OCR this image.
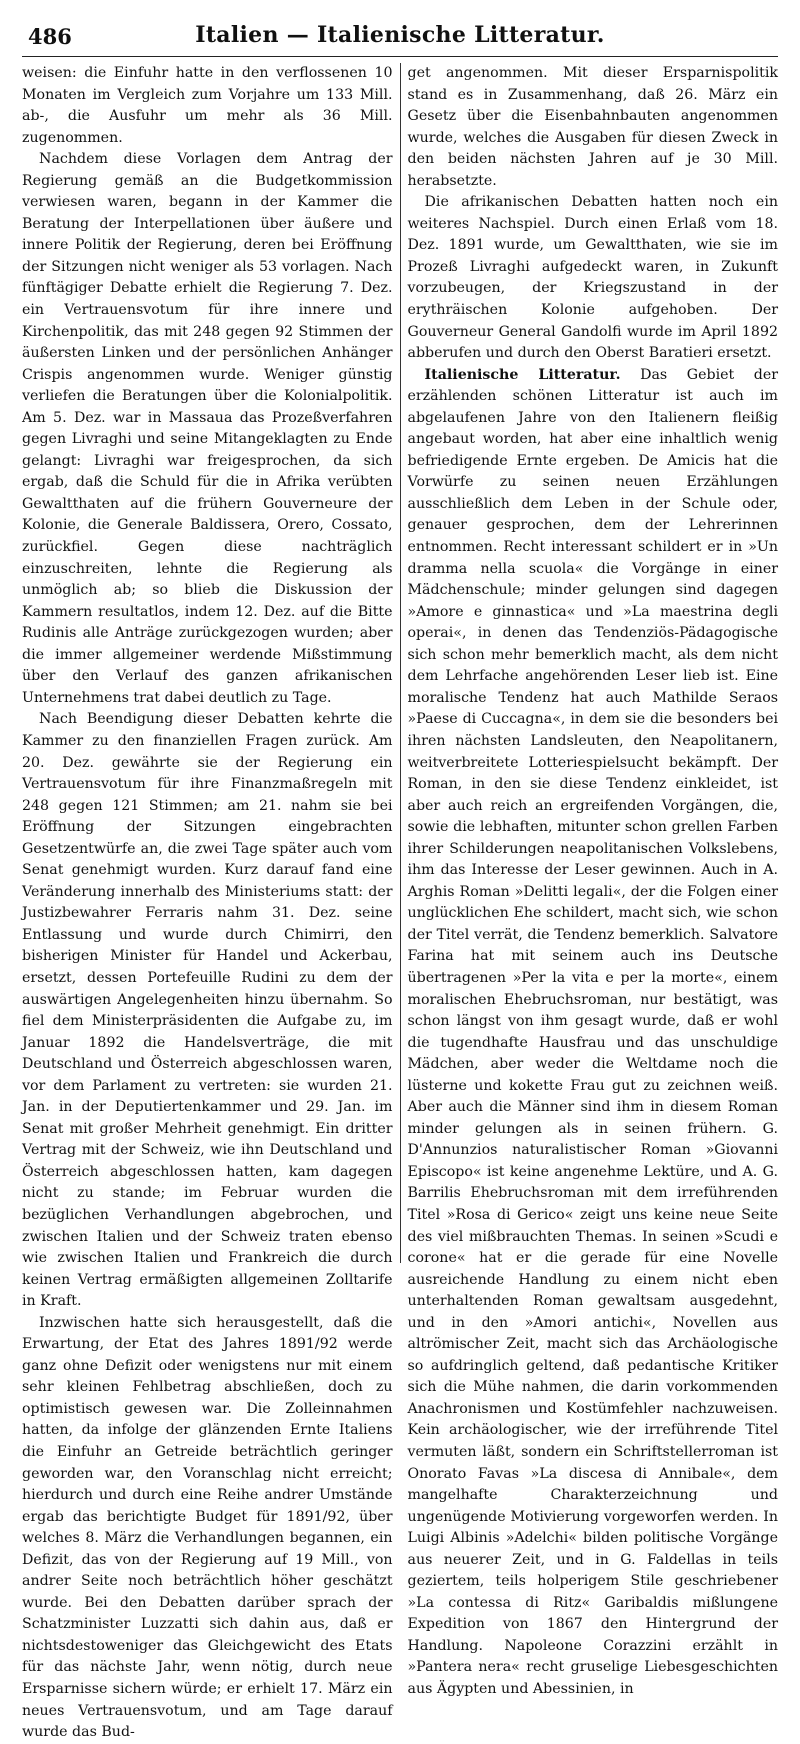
486	Italien — Italienische Litteratur.

weisen: die Einfuhr hatte in den verflossenen 10 Monaten im Vergleich zum Vorjahre um 133 Mill. ab-, die Ausfuhr um mehr als 36 Mill. zugenommen.

Nachdem diese Vorlagen dem Antrag der Regierung gemäß an die Budgetkommission verwiesen waren, begann in der Kammer die Beratung der Interpellationen über äußere und innere Politik der Regierung, deren bei Eröffnung der Sitzungen nicht weniger als 53 vorlagen. Nach fünftägiger Debatte erhielt die Regierung 7. Dez. ein Vertrauensvotum für ihre innere und Kirchenpolitik, das mit 248 gegen 92 Stimmen der äußersten Linken und der persönlichen Anhänger Crispis angenommen wurde. Weniger günstig verliefen die Beratungen über die Kolonialpolitik. Am 5. Dez. war in Massaua das Prozeßverfahren gegen Livraghi und seine Mitangeklagten zu Ende gelangt: Livraghi war freigesprochen, da sich ergab, daß die Schuld für die in Afrika verübten Gewaltthaten auf die frühern Gouverneure der Kolonie, die Generale Baldissera, Orero, Cossato, zurückfiel. Gegen diese nachträglich einzuschreiten, lehnte die Regierung als unmöglich ab; so blieb die Diskussion der Kammern resultatlos, indem 12. Dez. auf die Bitte Rudinis alle Anträge zurückgezogen wurden; aber die immer allgemeiner werdende Mißstimmung über den Verlauf des ganzen afrikanischen Unternehmens trat dabei deutlich zu Tage.

Nach Beendigung dieser Debatten kehrte die Kammer zu den finanziellen Fragen zurück. Am 20. Dez. gewährte sie der Regierung ein Vertrauensvotum für ihre Finanzmaßregeln mit 248 gegen 121 Stimmen; am 21. nahm sie bei Eröffnung der Sitzungen eingebrachten Gesetzentwürfe an, die zwei Tage später auch vom Senat genehmigt wurden. Kurz darauf fand eine Veränderung innerhalb des Ministeriums statt: der Justizbewahrer Ferraris nahm 31. Dez. seine Entlassung und wurde durch Chimirri, den bisherigen Minister für Handel und Ackerbau, ersetzt, dessen Portefeuille Rudini zu dem der auswärtigen Angelegenheiten hinzu übernahm. So fiel dem Ministerpräsidenten die Aufgabe zu, im Januar 1892 die Handelsverträge, die mit Deutschland und Österreich abgeschlossen waren, vor dem Parlament zu vertreten: sie wurden 21. Jan. in der Deputiertenkammer und 29. Jan. im Senat mit großer Mehrheit genehmigt. Ein dritter Vertrag mit der Schweiz, wie ihn Deutschland und Österreich abgeschlossen hatten, kam dagegen nicht zu stande; im Februar wurden die bezüglichen Verhandlungen abgebrochen, und zwischen Italien und der Schweiz traten ebenso wie zwischen Italien und Frankreich die durch keinen Vertrag ermäßigten allgemeinen Zolltarife in Kraft.

Inzwischen hatte sich herausgestellt, daß die Erwartung, der Etat des Jahres 1891/92 werde ganz ohne Defizit oder wenigstens nur mit einem sehr kleinen Fehlbetrag abschließen, doch zu optimistisch gewesen war. Die Zolleinnahmen hatten, da infolge der glänzenden Ernte Italiens die Einfuhr an Getreide beträchtlich geringer geworden war, den Voranschlag nicht erreicht; hierdurch und durch eine Reihe andrer Umstände ergab das berichtigte Budget für 1891/92, über welches 8. März die Verhandlungen begannen, ein Defizit, das von der Regierung auf 19 Mill., von andrer Seite noch beträchtlich höher geschätzt wurde. Bei den Debatten darüber sprach der Schatzminister Luzzatti sich dahin aus, daß er nichtsdestoweniger das Gleichgewicht des Etats für das nächste Jahr, wenn nötig, durch neue Ersparnisse sichern würde; er erhielt 17. März ein neues Vertrauensvotum, und am Tage darauf wurde das Bud-

get angenommen. Mit dieser Ersparnispolitik stand es in Zusammenhang, daß 26. März ein Gesetz über die Eisenbahnbauten angenommen wurde, welches die Ausgaben für diesen Zweck in den beiden nächsten Jahren auf je 30 Mill. herabsetzte.

Die afrikanischen Debatten hatten noch ein weiteres Nachspiel. Durch einen Erlaß vom 18. Dez. 1891 wurde, um Gewaltthaten, wie sie im Prozeß Livraghi aufgedeckt waren, in Zukunft vorzubeugen, der Kriegszustand in der erythräischen Kolonie aufgehoben. Der Gouverneur General Gandolfi wurde im April 1892 abberufen und durch den Oberst Baratieri ersetzt.

Italienische Litteratur. Das Gebiet der erzählenden schönen Litteratur ist auch im abgelaufenen Jahre von den Italienern fleißig angebaut worden, hat aber eine inhaltlich wenig befriedigende Ernte ergeben. De Amicis hat die Vorwürfe zu seinen neuen Erzählungen ausschließlich dem Leben in der Schule oder, genauer gesprochen, dem der Lehrerinnen entnommen. Recht interessant schildert er in »Un dramma nella scuola« die Vorgänge in einer Mädchenschule; minder gelungen sind dagegen »Amore e ginnastica« und »La maestrina degli operai«, in denen das Tendenziös-Pädagogische sich schon mehr bemerklich macht, als dem nicht dem Lehrfache angehörenden Leser lieb ist. Eine moralische Tendenz hat auch Mathilde Seraos »Paese di Cuccagna«, in dem sie die besonders bei ihren nächsten Landsleuten, den Neapolitanern, weitverbreitete Lotteriespielsucht bekämpft. Der Roman, in den sie diese Tendenz einkleidet, ist aber auch reich an ergreifenden Vorgängen, die, sowie die lebhaften, mitunter schon grellen Farben ihrer Schilderungen neapolitanischen Volkslebens, ihm das Interesse der Leser gewinnen. Auch in A. Arghis Roman »Delitti legali«, der die Folgen einer unglücklichen Ehe schildert, macht sich, wie schon der Titel verrät, die Tendenz bemerklich. Salvatore Farina hat mit seinem auch ins Deutsche übertragenen »Per la vita e per la morte«, einem moralischen Ehebruchsroman, nur bestätigt, was schon längst von ihm gesagt wurde, daß er wohl die tugendhafte Hausfrau und das unschuldige Mädchen, aber weder die Weltdame noch die lüsterne und kokette Frau gut zu zeichnen weiß. Aber auch die Männer sind ihm in diesem Roman minder gelungen als in seinen frühern. G. D'Annunzios naturalistischer Roman »Giovanni Episcopo« ist keine angenehme Lektüre, und A. G. Barrilis Ehebruchsroman mit dem irreführenden Titel »Rosa di Gerico« zeigt uns keine neue Seite des viel mißbrauchten Themas. In seinen »Scudi e corone« hat er die gerade für eine Novelle ausreichende Handlung zu einem nicht eben unterhaltenden Roman gewaltsam ausgedehnt, und in den »Amori antichi«, Novellen aus altrömischer Zeit, macht sich das Archäologische so aufdringlich geltend, daß pedantische Kritiker sich die Mühe nahmen, die darin vorkommenden Anachronismen und Kostümfehler nachzuweisen. Kein archäologischer, wie der irreführende Titel vermuten läßt, sondern ein Schriftstellerroman ist Onorato Favas »La discesa di Annibale«, dem mangelhafte Charakterzeichnung und ungenügende Motivierung vorgeworfen werden. In Luigi Albinis »Adelchi« bilden politische Vorgänge aus neuerer Zeit, und in G. Faldellas in teils geziertem, teils holperigem Stile geschriebener »La contessa di Ritz« Garibaldis mißlungene Expedition von 1867 den Hintergrund der Handlung. Napoleone Corazzini erzählt in »Pantera nera« recht gruselige Liebesgeschichten aus Ägypten und Abessinien, in
